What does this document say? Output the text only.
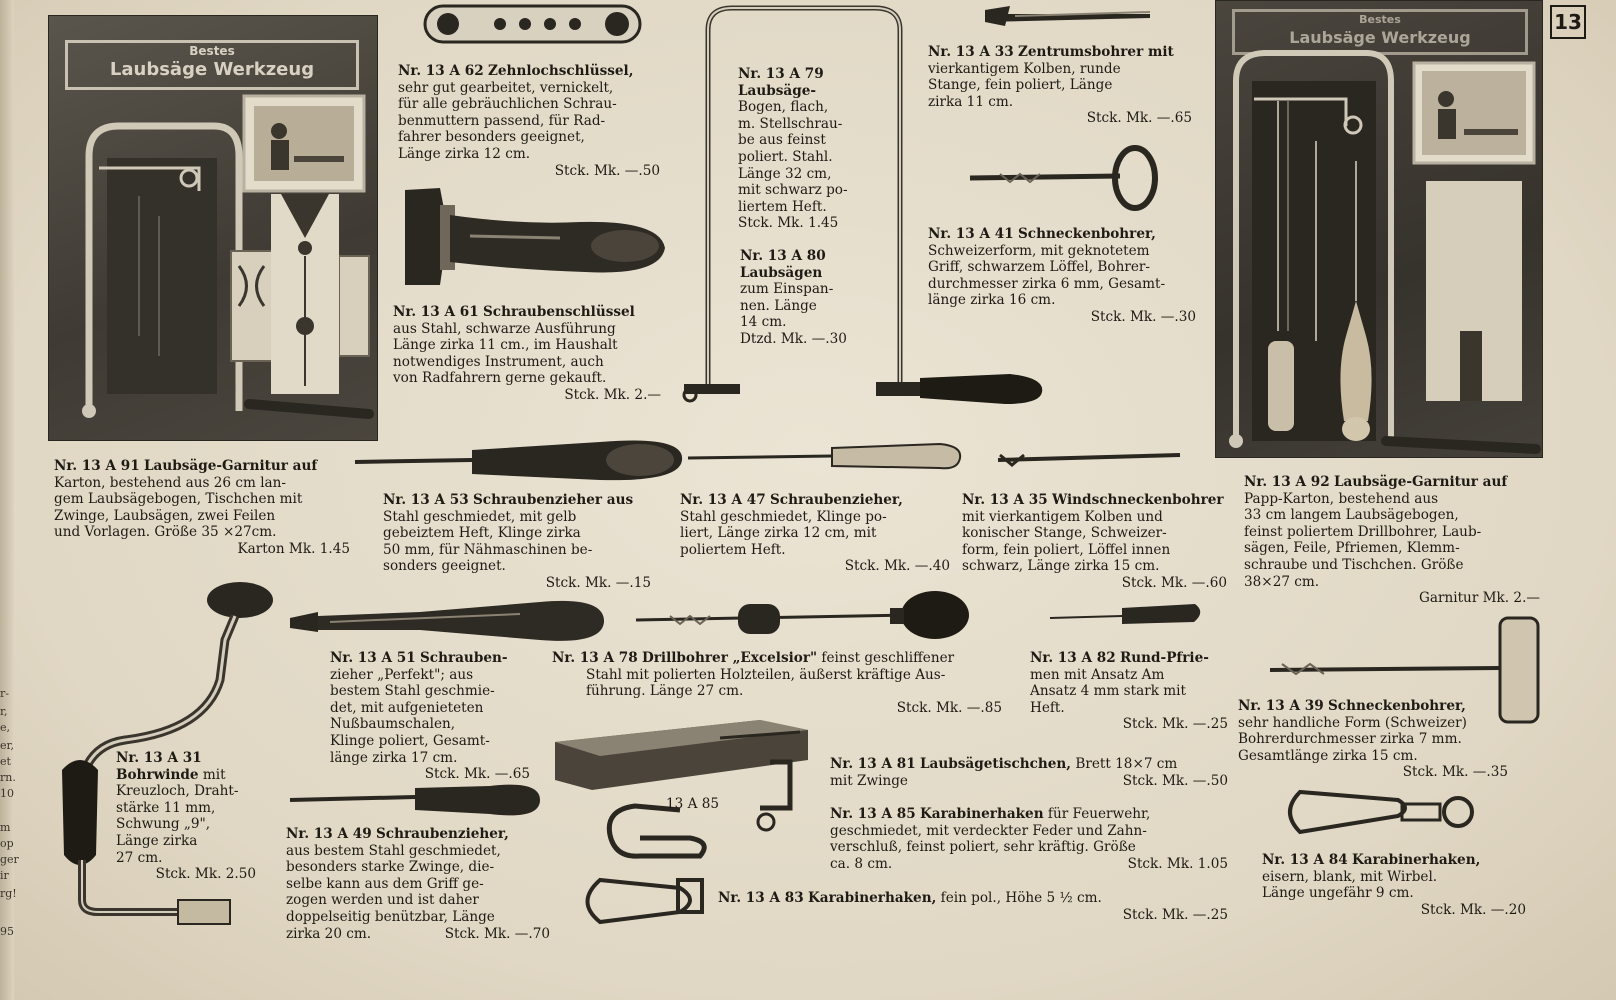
r-
r,
e,
er,
et
rn.
10
m
op
ger
ir
rg!
95
13
Bestes
Laubsäge Werkzeug
Bestes
Laubsäge Werkzeug
Nr. 13 A 62 Zehnlochschlüssel,
sehr gut gearbeitet, vernickelt,
für alle gebräuchlichen Schrau-
benmuttern passend, für Rad-
fahrer besonders geeignet,
Länge zirka 12 cm.
Stck. Mk. —.50
Nr. 13 A 61 Schraubenschlüssel
aus Stahl, schwarze Ausführung
Länge zirka 11 cm., im Haushalt
notwendiges Instrument, auch
von Radfahrern gerne gekauft.
Stck. Mk. 2.—
Nr. 13 A 79
Laubsäge-
Bogen, flach,
m. Stellschrau-
be aus feinst
poliert. Stahl.
Länge 32 cm,
mit schwarz po-
liertem Heft.
Stck. Mk. 1.45
Nr. 13 A 80
Laubsägen
zum Einspan-
nen. Länge
14 cm.
Dtzd. Mk. —.30
Nr. 13 A 33 Zentrumsbohrer mit
vierkantigem Kolben, runde
Stange, fein poliert, Länge
zirka 11 cm.
Stck. Mk. —.65
Nr. 13 A 41 Schneckenbohrer,
Schweizerform, mit geknotetem
Griff, schwarzem Löffel, Bohrer-
durchmesser zirka 6 mm, Gesamt-
länge zirka 16 cm.
Stck. Mk. —.30
Nr. 13 A 91 Laubsäge-Garnitur auf
Karton, bestehend aus 26 cm lan-
gem Laubsägebogen, Tischchen mit
Zwinge, Laubsägen, zwei Feilen
und Vorlagen. Größe 35 ×27cm.
Karton Mk. 1.45
Nr. 13 A 53 Schraubenzieher aus
Stahl geschmiedet, mit gelb
gebeiztem Heft, Klinge zirka
50 mm, für Nähmaschinen be-
sonders geeignet.
Stck. Mk. —.15
Nr. 13 A 47 Schraubenzieher,
Stahl geschmiedet, Klinge po-
liert, Länge zirka 12 cm, mit
poliertem Heft.
Stck. Mk. —.40
Nr. 13 A 35 Windschneckenbohrer
mit vierkantigem Kolben und
konischer Stange, Schweizer-
form, fein poliert, Löffel innen
schwarz, Länge zirka 15 cm.
Stck. Mk. —.60
Nr. 13 A 92 Laubsäge-Garnitur auf
Papp-Karton, bestehend aus
33 cm langem Laubsägebogen,
feinst poliertem Drillbohrer, Laub-
sägen, Feile, Pfriemen, Klemm-
schraube und Tischchen. Größe
38×27 cm.
Garnitur Mk. 2.—
Nr. 13 A 51 Schrauben-
zieher „Perfekt"; aus
bestem Stahl geschmie-
det, mit aufgenieteten
Nußbaumschalen,
Klinge poliert, Gesamt-
länge zirka 17 cm.
Stck. Mk. —.65
Nr. 13 A 78 Drillbohrer „Excelsior" feinst geschliffener
Stahl mit polierten Holzteilen, äußerst kräftige Aus-
führung. Länge 27 cm.
Stck. Mk. —.85
Nr. 13 A 82 Rund-Pfrie-
men mit Ansatz Am
Ansatz 4 mm stark mit
Heft.
Stck. Mk. —.25
Nr. 13 A 39 Schneckenbohrer,
sehr handliche Form (Schweizer)
Bohrerdurchmesser zirka 7 mm.
Gesamtlänge zirka 15 cm.
Stck. Mk. —.35
Nr. 13 A 31
Bohrwinde mit
Kreuzloch, Draht-
stärke 11 mm,
Schwung „9",
Länge zirka
27 cm.
Stck. Mk. 2.50
Nr. 13 A 81 Laubsägetischchen, Brett 18×7 cm
mit Zwinge	Stck. Mk. —.50
13 A 85
Nr. 13 A 85 Karabinerhaken für Feuerwehr,
geschmiedet, mit verdeckter Feder und Zahn-
verschluß, feinst poliert, sehr kräftig. Größe
ca. 8 cm.	Stck. Mk. 1.05
Nr. 13 A 49 Schraubenzieher,
aus bestem Stahl geschmiedet,
besonders starke Zwinge, die-
selbe kann aus dem Griff ge-
zogen werden und ist daher
doppelseitig benützbar, Länge
zirka 20 cm.	Stck. Mk. —.70
Nr. 13 A 83 Karabinerhaken, fein pol., Höhe 5 ½ cm.
Stck. Mk. —.25
Nr. 13 A 84 Karabinerhaken,
eisern, blank, mit Wirbel.
Länge ungefähr 9 cm.
Stck. Mk. —.20
